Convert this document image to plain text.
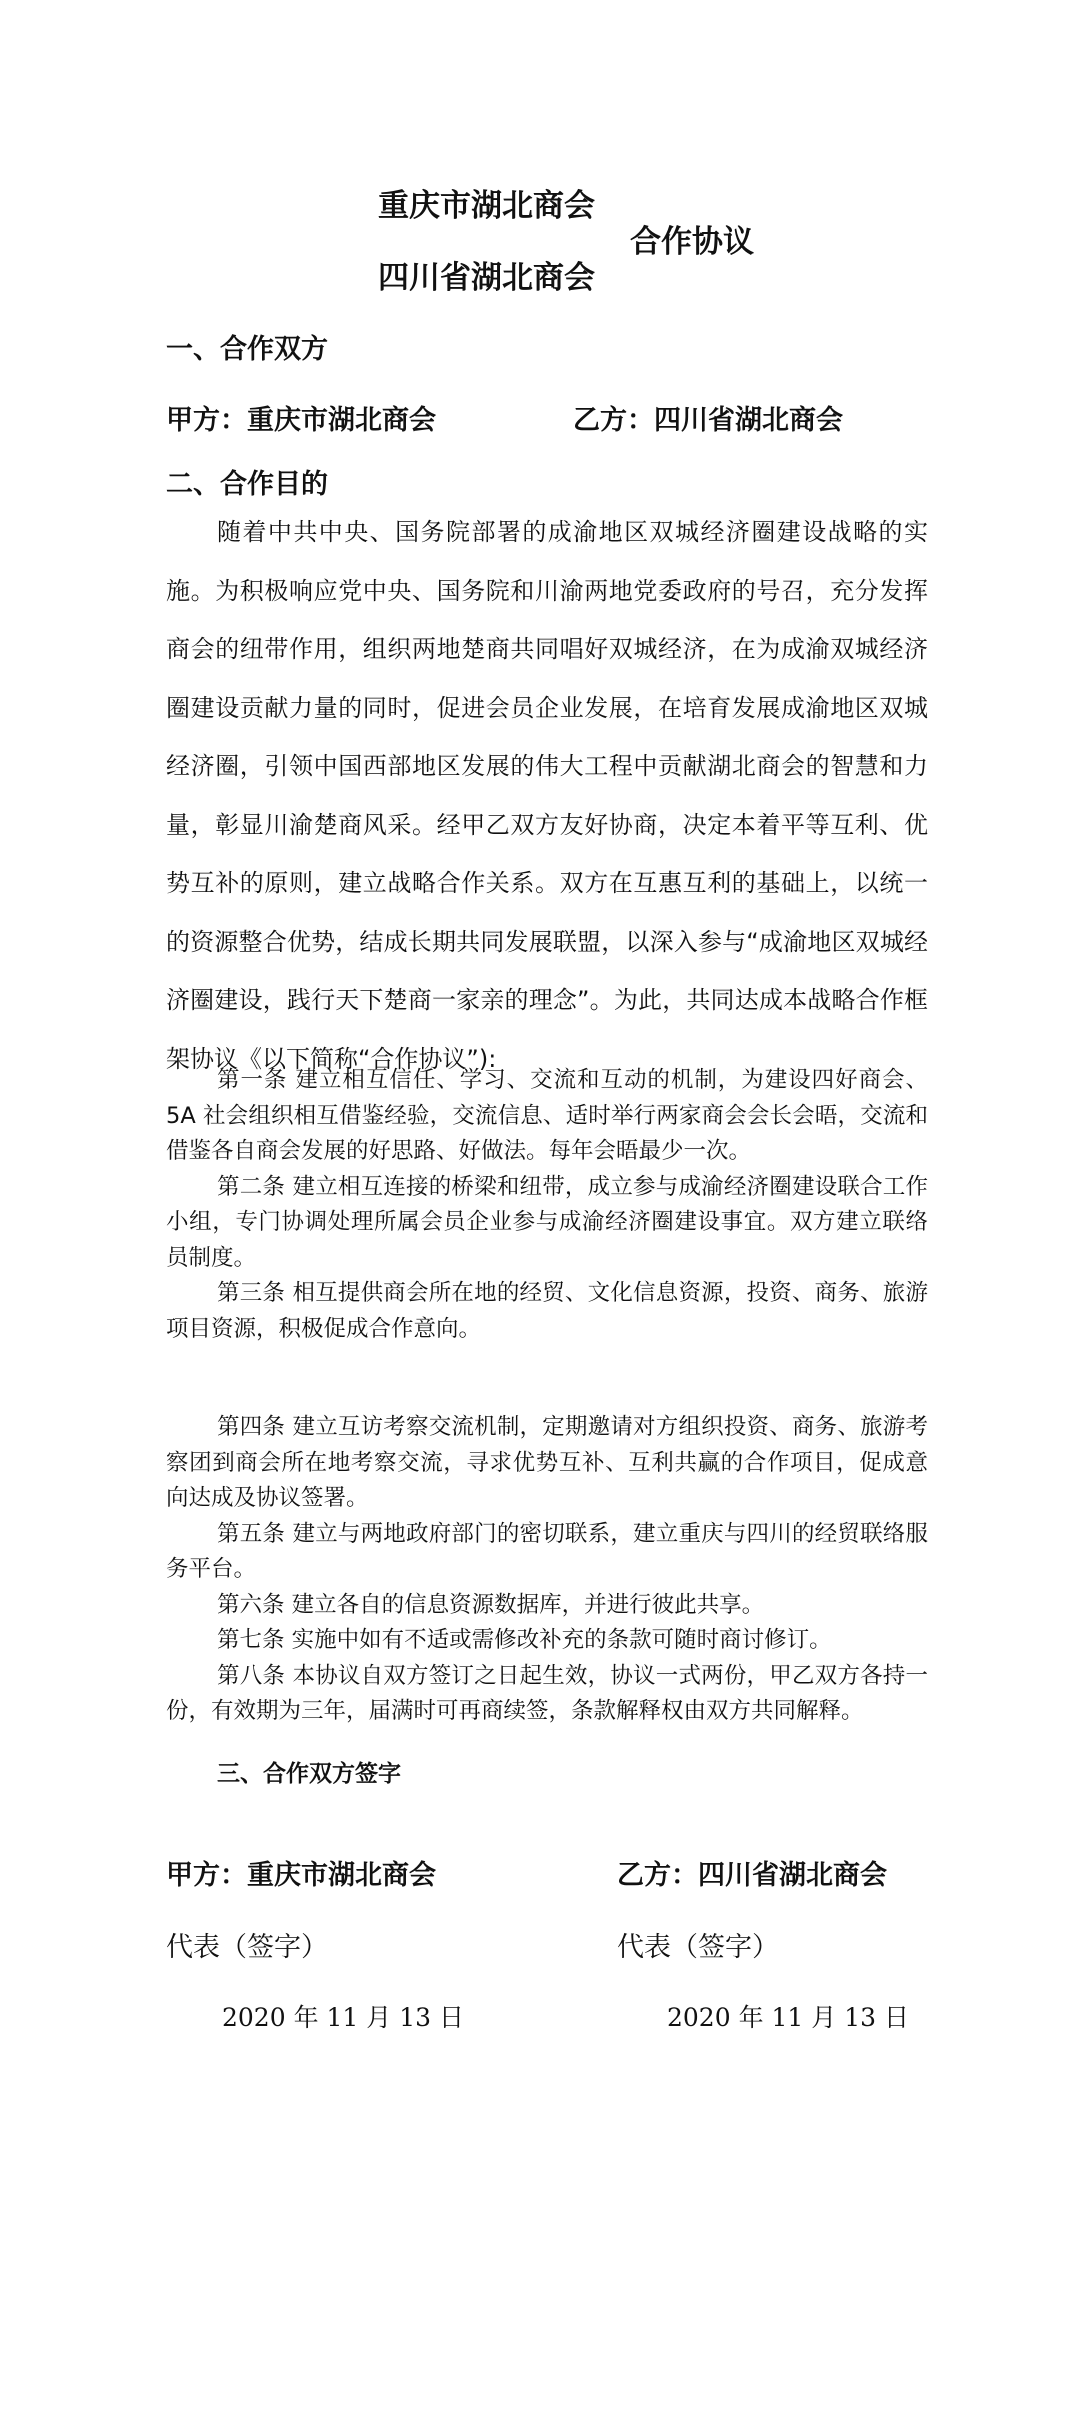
重庆市湖北商会
四川省湖北商会
合作协议
一、合作双方
甲方：重庆市湖北商会	乙方：四川省湖北商会
二、合作目的

随着中共中央、国务院部署的成渝地区双城经济圈建设战略的实施。为积极响应党中央、国务院和川渝两地党委政府的号召，充分发挥商会的纽带作用，组织两地楚商共同唱好双城经济，在为成渝双城经济圈建设贡献力量的同时，促进会员企业发展，在培育发展成渝地区双城经济圈，引领中国西部地区发展的伟大工程中贡献湖北商会的智慧和力量，彰显川渝楚商风采。经甲乙双方友好协商，决定本着平等互利、优势互补的原则，建立战略合作关系。双方在互惠互利的基础上，以统一的资源整合优势，结成长期共同发展联盟，以深入参与“成渝地区双城经济圈建设，践行天下楚商一家亲的理念”。为此，共同达成本战略合作框架协议《以下简称“合作协议”):

第一条 建立相互信任、学习、交流和互动的机制，为建设四好商会、5A 社会组织相互借鉴经验，交流信息、适时举行两家商会会长会晤，交流和借鉴各自商会发展的好思路、好做法。每年会晤最少一次。

第二条 建立相互连接的桥梁和纽带，成立参与成渝经济圈建设联合工作小组，专门协调处理所属会员企业参与成渝经济圈建设事宜。双方建立联络员制度。

第三条 相互提供商会所在地的经贸、文化信息资源，投资、商务、旅游项目资源，积极促成合作意向。

第四条 建立互访考察交流机制，定期邀请对方组织投资、商务、旅游考察团到商会所在地考察交流，寻求优势互补、互利共赢的合作项目，促成意向达成及协议签署。

第五条 建立与两地政府部门的密切联系，建立重庆与四川的经贸联络服务平台。

第六条 建立各自的信息资源数据库，并进行彼此共享。

第七条 实施中如有不适或需修改补充的条款可随时商讨修订。

第八条 本协议自双方签订之日起生效，协议一式两份，甲乙双方各持一份，有效期为三年，届满时可再商续签，条款解释权由双方共同解释。

三、合作双方签字
甲方：重庆市湖北商会	乙方：四川省湖北商会
代表（签字）	代表（签字）
2020 年 11 月 13 日	2020 年 11 月 13 日
